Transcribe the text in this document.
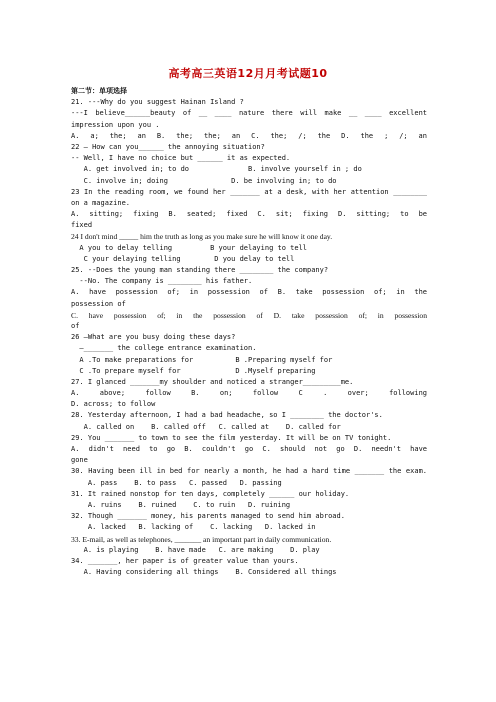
高考高三英语12月月考试题10
第二节：单项选择
21. ---Why do you suggest Hainan Island ?
---I believe______beauty of __ ____ nature there will make __ ____ excellent
impression upon you .
A. a; the; an B. the; the; an C. the; /; the D. the ; /; an
22 – How can you______ the annoying situation?
-- Well, I have no choice but ______ it as expected.
A. get involved in; to do              B. involve yourself in ; do
C. involve in; doing               D. be involving in; to do
23 In the reading room, we found her _______ at a desk, with her attention ________
on a magazine.
A. sitting; fixing B. seated; fixed C. sit; fixing D. sitting; to be
fixed
24 I don't mind _____ him the truth as long as you make sure he will know it one day.
A you to delay telling         B your delaying to tell
C your delaying telling        D you delay to tell
25. --Does the young man standing there ________ the company?
--No. The company is ________ his father.
A. have possession of; in possession of B. take possession of; in the
possession of
C. have possession of; in the possession of D. take possession of; in possession
of
26 —What are you busy doing these days?
—_______ the college entrance examination.
A .To make preparations for          B .Preparing myself for
C .To prepare myself for             D .Myself preparing
27. I glanced _______my shoulder and noticed a stranger_________me.
A. above; follow B. on; follow C . over; following
D. across; to follow
28. Yesterday afternoon, I had a bad headache, so I ________ the doctor's.
A. called on    B. called off   C. called at    D. called for
29. You _______ to town to see the film yesterday. It will be on TV tonight.
A. didn't need to go B. couldn't go C. should not go D. needn't have
gone
30. Having been ill in bed for nearly a month, he had a hard time _______ the exam.
A. pass    B. to pass   C. passed   D. passing
31. It rained nonstop for ten days, completely ______ our holiday.
A. ruins    B. ruined    C. to ruin   D. ruining
32. Though _______ money, his parents managed to send him abroad.
A. lacked   B. lacking of    C. lacking   D. lacked in
33. E-mail, as well as telephones, _______ an important part in daily communication.
A. is playing    B. have made   C. are making    D. play
34. _______, her paper is of greater value than yours.
A. Having considering all things    B. Considered all things
